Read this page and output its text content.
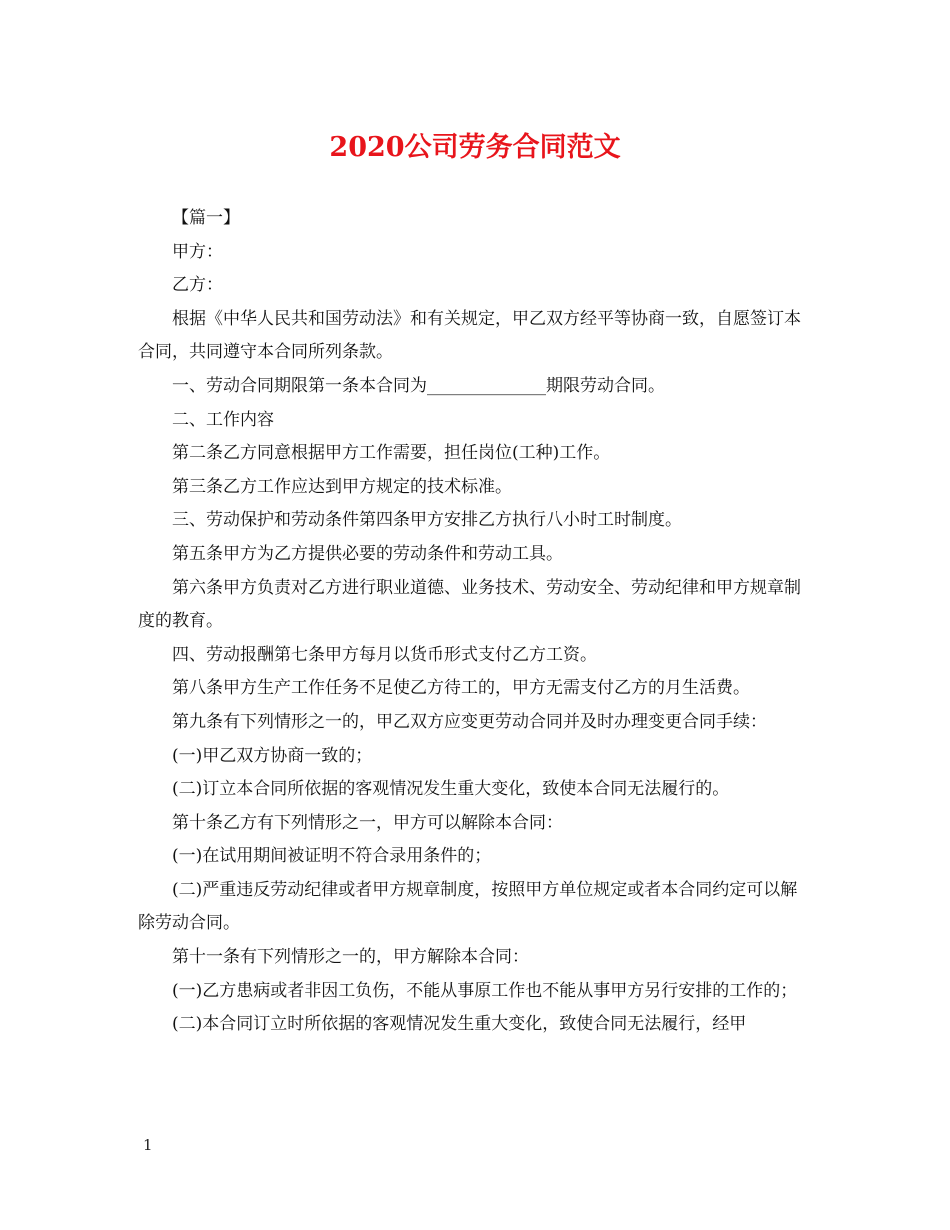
2020公司劳务合同范文

【篇一】

甲方：

乙方：

根据《中华人民共和国劳动法》和有关规定，甲乙双方经平等协商一致，自愿签订本合同，共同遵守本合同所列条款。

一、劳动合同期限第一条本合同为______________期限劳动合同。

二、工作内容

第二条乙方同意根据甲方工作需要，担任岗位(工种)工作。

第三条乙方工作应达到甲方规定的技术标准。

三、劳动保护和劳动条件第四条甲方安排乙方执行八小时工时制度。

第五条甲方为乙方提供必要的劳动条件和劳动工具。

第六条甲方负责对乙方进行职业道德、业务技术、劳动安全、劳动纪律和甲方规章制度的教育。

四、劳动报酬第七条甲方每月以货币形式支付乙方工资。

第八条甲方生产工作任务不足使乙方待工的，甲方无需支付乙方的月生活费。

第九条有下列情形之一的，甲乙双方应变更劳动合同并及时办理变更合同手续：

(一)甲乙双方协商一致的；

(二)订立本合同所依据的客观情况发生重大变化，致使本合同无法履行的。

第十条乙方有下列情形之一，甲方可以解除本合同：

(一)在试用期间被证明不符合录用条件的；

(二)严重违反劳动纪律或者甲方规章制度，按照甲方单位规定或者本合同约定可以解除劳动合同。

第十一条有下列情形之一的，甲方解除本合同：

(一)乙方患病或者非因工负伤，不能从事原工作也不能从事甲方另行安排的工作的；

(二)本合同订立时所依据的客观情况发生重大变化，致使合同无法履行，经甲

1
